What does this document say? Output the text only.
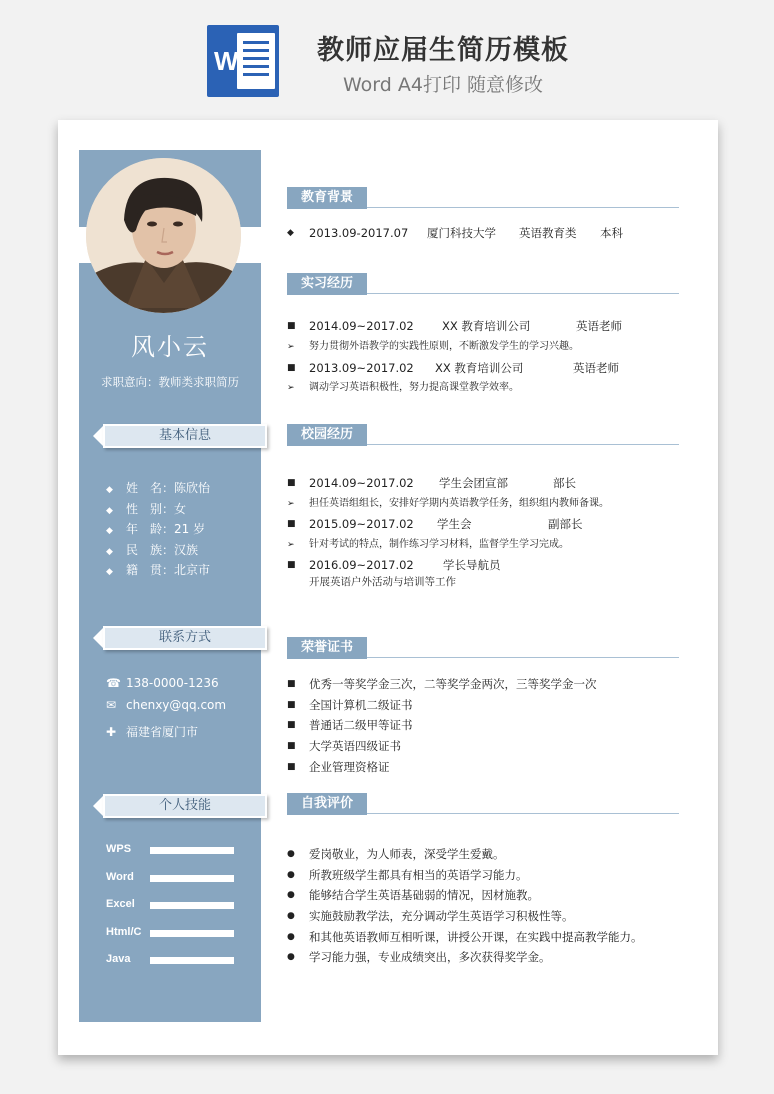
W	教师应届生简历模板
Word A4打印 随意修改
风小云
求职意向：教师类求职简历
基本信息
◆ 姓　名：陈欣怡
◆ 性　别：女
◆ 年　龄：21 岁
◆ 民　族：汉族
◆ 籍　贯：北京市
联系方式
☎ 138-0000-1236
✉ chenxy@qq.com
✚ 福建省厦门市
个人技能
WPS
Word
Excel
Html/C
Java
教育背景
◆	2013.09-2017.07 厦门科技大学 英语教育类 本科
实习经历
■	2014.09~2017.02 XX 教育培训公司	英语老师
➢ 努力贯彻外语教学的实践性原则，不断激发学生的学习兴趣。
■	2013.09~2017.02 XX 教育培训公司	英语老师
➢ 调动学习英语积极性，努力提高课堂教学效率。
校园经历
■	2014.09~2017.02 学生会团宣部	部长
➢ 担任英语组组长，安排好学期内英语教学任务，组织组内教师备课。
■	2015.09~2017.02 学生会	副部长
➢ 针对考试的特点，制作练习学习材料，监督学生学习完成。
■	2016.09~2017.02	学长导航员
开展英语户外活动与培训等工作
荣誉证书
■ 优秀一等奖学金三次，二等奖学金两次，三等奖学金一次
■ 全国计算机二级证书
■ 普通话二级甲等证书
■ 大学英语四级证书
■ 企业管理资格证
自我评价
● 爱岗敬业，为人师表，深受学生爱戴。
● 所教班级学生都具有相当的英语学习能力。
● 能够结合学生英语基础弱的情况，因材施教。
● 实施鼓励教学法，充分调动学生英语学习积极性等。
● 和其他英语教师互相听课，讲授公开课，在实践中提高教学能力。
● 学习能力强，专业成绩突出，多次获得奖学金。
